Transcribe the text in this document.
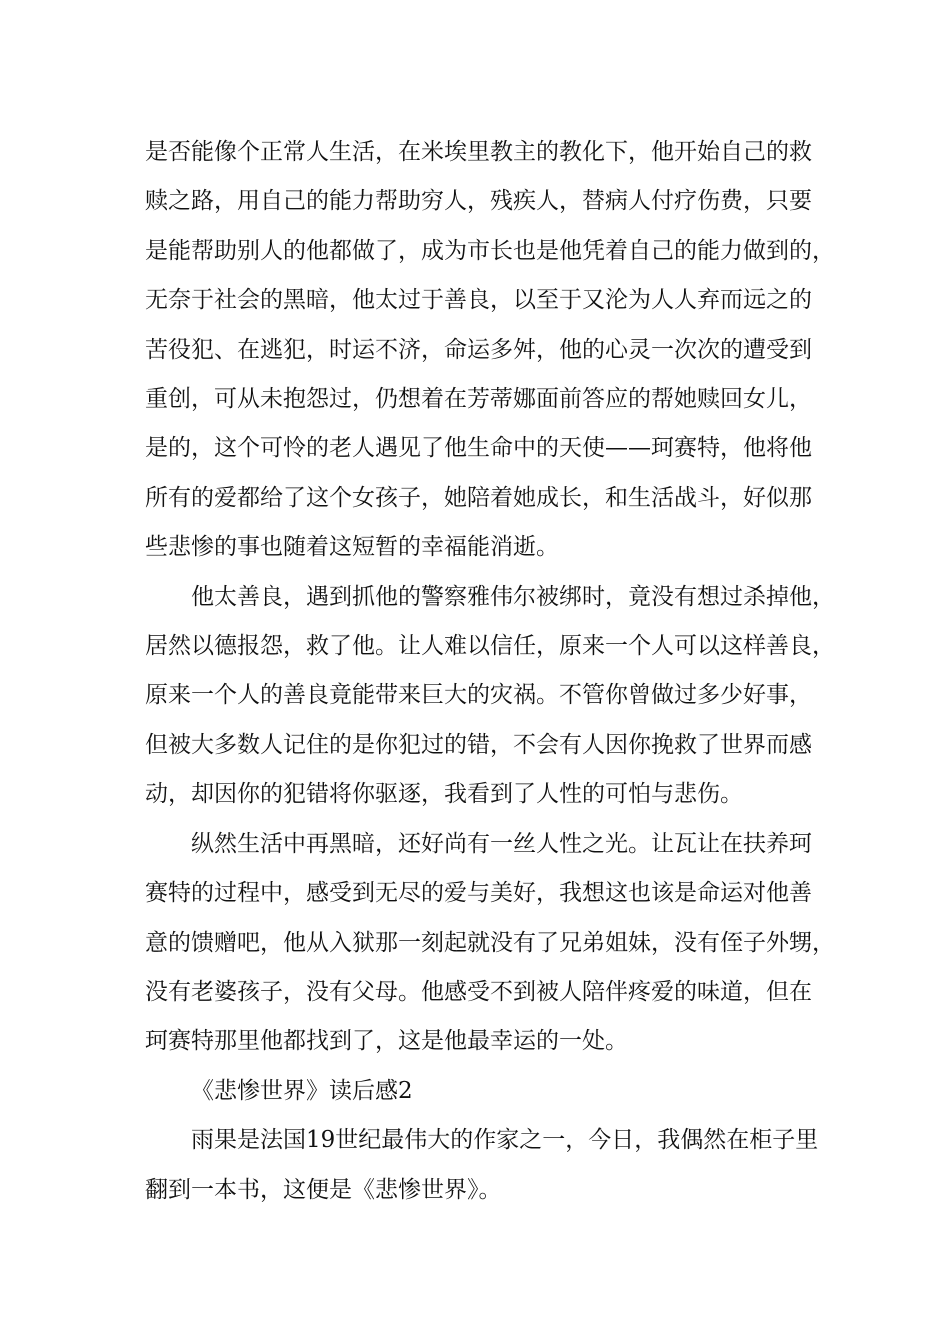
是否能像个正常人生活，在米埃里教主的教化下，他开始自己的救
赎之路，用自己的能力帮助穷人，残疾人，替病人付疗伤费，只要
是能帮助别人的他都做了，成为市长也是他凭着自己的能力做到的，
无奈于社会的黑暗，他太过于善良，以至于又沦为人人弃而远之的
苦役犯、在逃犯，时运不济，命运多舛，他的心灵一次次的遭受到
重创，可从未抱怨过，仍想着在芳蒂娜面前答应的帮她赎回女儿，
是的，这个可怜的老人遇见了他生命中的天使——珂赛特，他将他
所有的爱都给了这个女孩子，她陪着她成长，和生活战斗，好似那
些悲惨的事也随着这短暂的幸福能消逝。
他太善良，遇到抓他的警察雅伟尔被绑时，竟没有想过杀掉他，
居然以德报怨，救了他。让人难以信任，原来一个人可以这样善良，
原来一个人的善良竟能带来巨大的灾祸。不管你曾做过多少好事，
但被大多数人记住的是你犯过的错，不会有人因你挽救了世界而感
动，却因你的犯错将你驱逐，我看到了人性的可怕与悲伤。
纵然生活中再黑暗，还好尚有一丝人性之光。让瓦让在扶养珂
赛特的过程中，感受到无尽的爱与美好，我想这也该是命运对他善
意的馈赠吧，他从入狱那一刻起就没有了兄弟姐妹，没有侄子外甥，
没有老婆孩子，没有父母。他感受不到被人陪伴疼爱的味道，但在
珂赛特那里他都找到了，这是他最幸运的一处。
《悲惨世界》读后感2
雨果是法国19世纪最伟大的作家之一，今日，我偶然在柜子里
翻到一本书，这便是《悲惨世界》。
